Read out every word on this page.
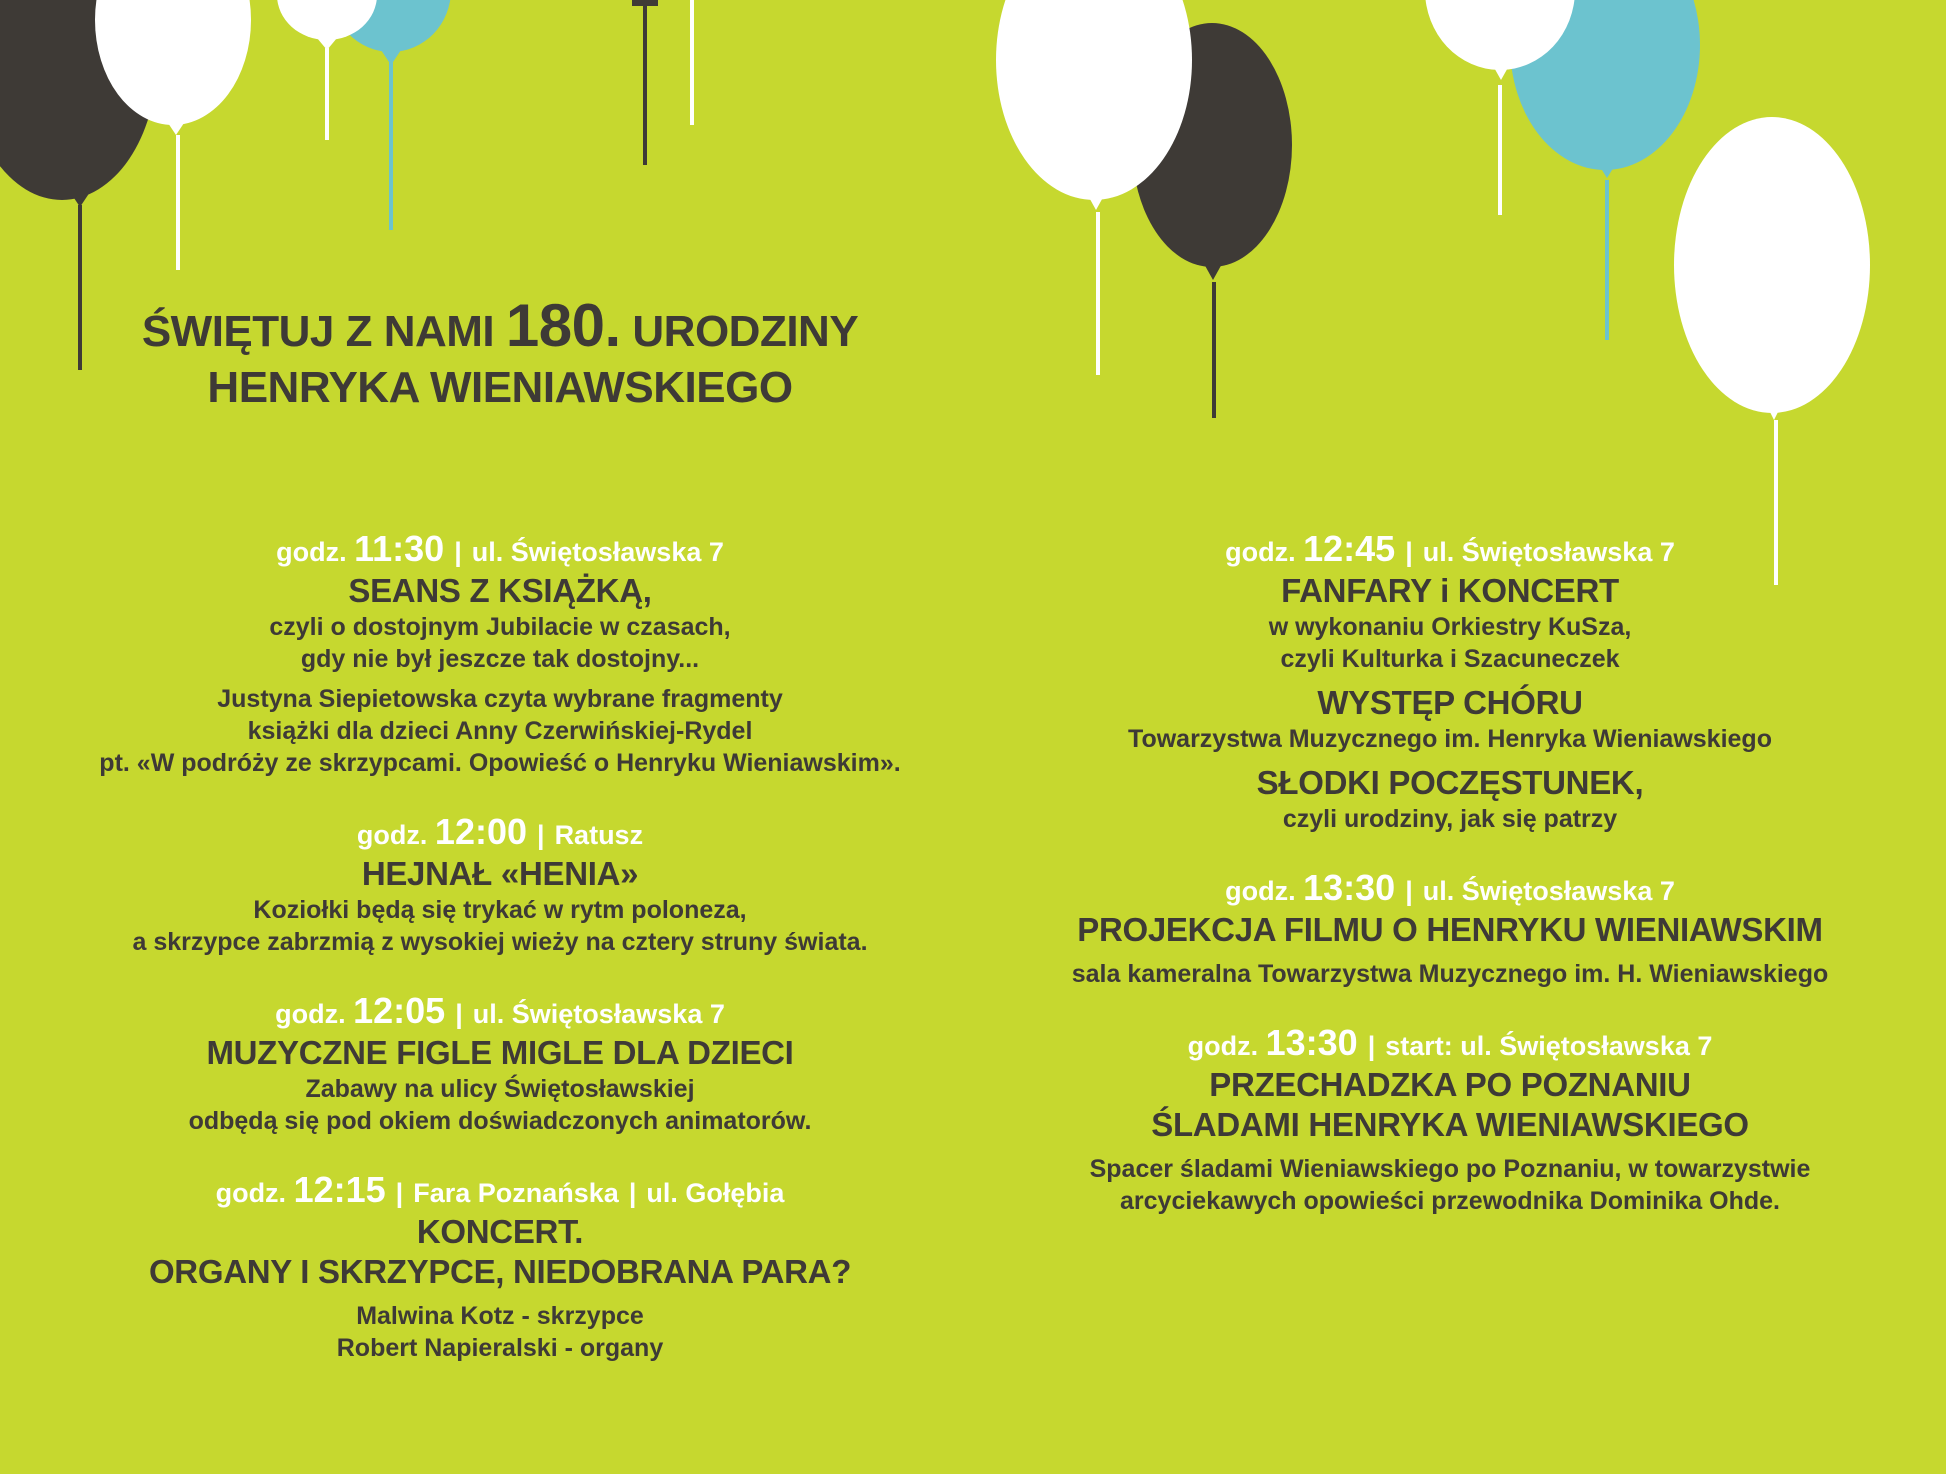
ŚWIĘTUJ Z NAMI 180. URODZINY
HENRYKA WIENIAWSKIEGO
godz. 11:30 | ul. Świętosławska 7
SEANS Z KSIĄŻKĄ,
czyli o dostojnym Jubilacie w czasach,
gdy nie był jeszcze tak dostojny...
Justyna Siepietowska czyta wybrane fragmenty
książki dla dzieci Anny Czerwińskiej-Rydel
pt. «W podróży ze skrzypcami. Opowieść o Henryku Wieniawskim».
godz. 12:00 | Ratusz
HEJNAŁ «HENIA»
Koziołki będą się trykać w rytm poloneza,
a skrzypce zabrzmią z wysokiej wieży na cztery struny świata.
godz. 12:05 | ul. Świętosławska 7
MUZYCZNE FIGLE MIGLE DLA DZIECI
Zabawy na ulicy Świętosławskiej
odbędą się pod okiem doświadczonych animatorów.
godz. 12:15 | Fara Poznańska | ul. Gołębia
KONCERT.
ORGANY I SKRZYPCE, NIEDOBRANA PARA?
Malwina Kotz - skrzypce
Robert Napieralski - organy
godz. 12:45 | ul. Świętosławska 7
FANFARY i KONCERT
w wykonaniu Orkiestry KuSza,
czyli Kulturka i Szacuneczek
WYSTĘP CHÓRU
Towarzystwa Muzycznego im. Henryka Wieniawskiego
SŁODKI POCZĘSTUNEK,
czyli urodziny, jak się patrzy
godz. 13:30 | ul. Świętosławska 7
PROJEKCJA FILMU O HENRYKU WIENIAWSKIM
sala kameralna Towarzystwa Muzycznego im. H. Wieniawskiego
godz. 13:30 | start: ul. Świętosławska 7
PRZECHADZKA PO POZNANIU
ŚLADAMI HENRYKA WIENIAWSKIEGO
Spacer śladami Wieniawskiego po Poznaniu, w towarzystwie
arcyciekawych opowieści przewodnika Dominika Ohde.
